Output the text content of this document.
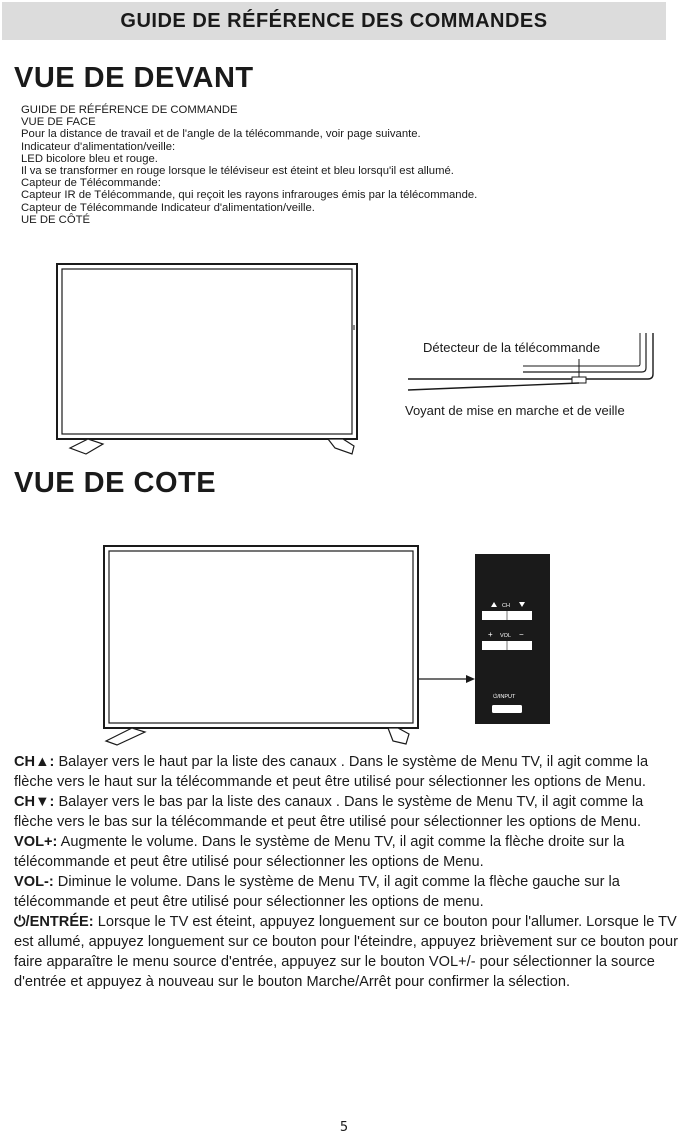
GUIDE DE RÉFÉRENCE DES COMMANDES
VUE DE DEVANT
GUIDE DE RÉFÉRENCE DE COMMANDE
VUE DE FACE
Pour la distance de travail et de l'angle de la télécommande, voir page suivante.
Indicateur d'alimentation/veille:
LED bicolore bleu et rouge.
Il va se transformer en rouge lorsque le téléviseur est éteint et bleu lorsqu'il est allumé.
Capteur de Télécommande:
Capteur IR de Télécommande, qui reçoit les rayons infrarouges émis par la télécommande.
Capteur de Télécommande Indicateur d'alimentation/veille.
UE DE CÔTÉ
CH
+ VOL −
⏻/INPUT
Détecteur de la télécommande
Voyant de mise en marche et de veille
VUE DE COTE
CH▲: Balayer vers le haut par la liste des canaux . Dans le système de Menu TV, il agit comme la flèche vers le haut sur la télécommande et peut être utilisé pour sélectionner les options de Menu.
CH▼: Balayer vers le bas par la liste des canaux . Dans le système de Menu TV, il agit comme la flèche vers le bas sur la télécommande et peut être utilisé pour sélectionner les options de Menu.
VOL+: Augmente le volume. Dans le système de Menu TV, il agit comme la flèche droite sur la télécommande et peut être utilisé pour sélectionner les options de Menu.
VOL-: Diminue le volume. Dans le système de Menu TV, il agit comme la flèche gauche sur la télécommande et peut être utilisé pour sélectionner les options de menu.
⏻/ENTRÉE: Lorsque le TV est éteint, appuyez longuement sur ce bouton pour l'allumer. Lorsque le TV est allumé, appuyez longuement sur ce bouton pour l'éteindre, appuyez brièvement sur ce bouton pour faire apparaître le menu source d'entrée, appuyez sur le bouton VOL+/- pour sélectionner la source d'entrée et appuyez à nouveau sur le bouton Marche/Arrêt pour confirmer la sélection.
5
